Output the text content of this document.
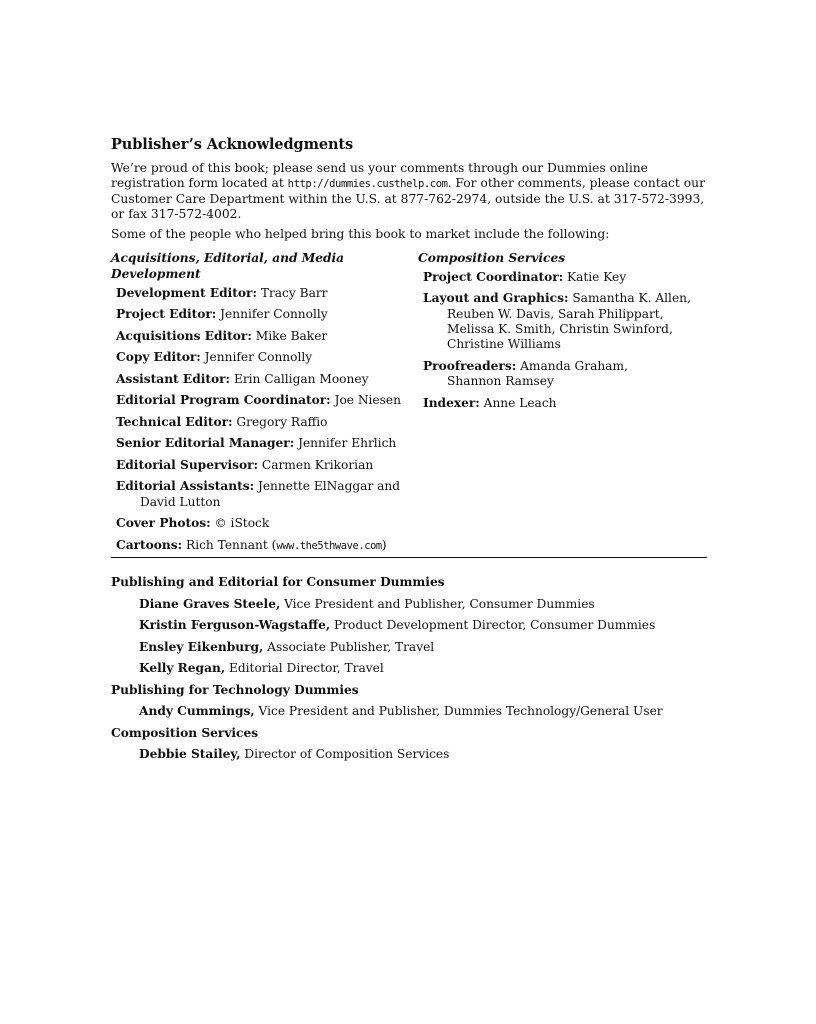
Publisher’s Acknowledgments

We’re proud of this book; please send us your comments through our Dummies online registration form located at http://dummies.custhelp.com. For other comments, please contact our Customer Care Department within the U.S. at 877-762-2974, outside the U.S. at 317-572-3993, or fax 317-572-4002.

Some of the people who helped bring this book to market include the following:

Acquisitions, Editorial, and Media Development
Development Editor: Tracy Barr
Project Editor: Jennifer Connolly
Acquisitions Editor: Mike Baker
Copy Editor: Jennifer Connolly
Assistant Editor: Erin Calligan Mooney
Editorial Program Coordinator: Joe Niesen
Technical Editor: Gregory Raffio
Senior Editorial Manager: Jennifer Ehrlich
Editorial Supervisor: Carmen Krikorian
Editorial Assistants: Jennette ElNaggar and
David Lutton
Cover Photos: © iStock
Cartoons: Rich Tennant (www.the5thwave.com)
Composition Services
Project Coordinator: Katie Key
Layout and Graphics: Samantha K. Allen,
Reuben W. Davis, Sarah Philippart,
Melissa K. Smith, Christin Swinford,
Christine Williams
Proofreaders: Amanda Graham,
Shannon Ramsey
Indexer: Anne Leach
Publishing and Editorial for Consumer Dummies
Diane Graves Steele, Vice President and Publisher, Consumer Dummies
Kristin Ferguson-Wagstaffe, Product Development Director, Consumer Dummies
Ensley Eikenburg, Associate Publisher, Travel
Kelly Regan, Editorial Director, Travel
Publishing for Technology Dummies
Andy Cummings, Vice President and Publisher, Dummies Technology/General User
Composition Services
Debbie Stailey, Director of Composition Services
